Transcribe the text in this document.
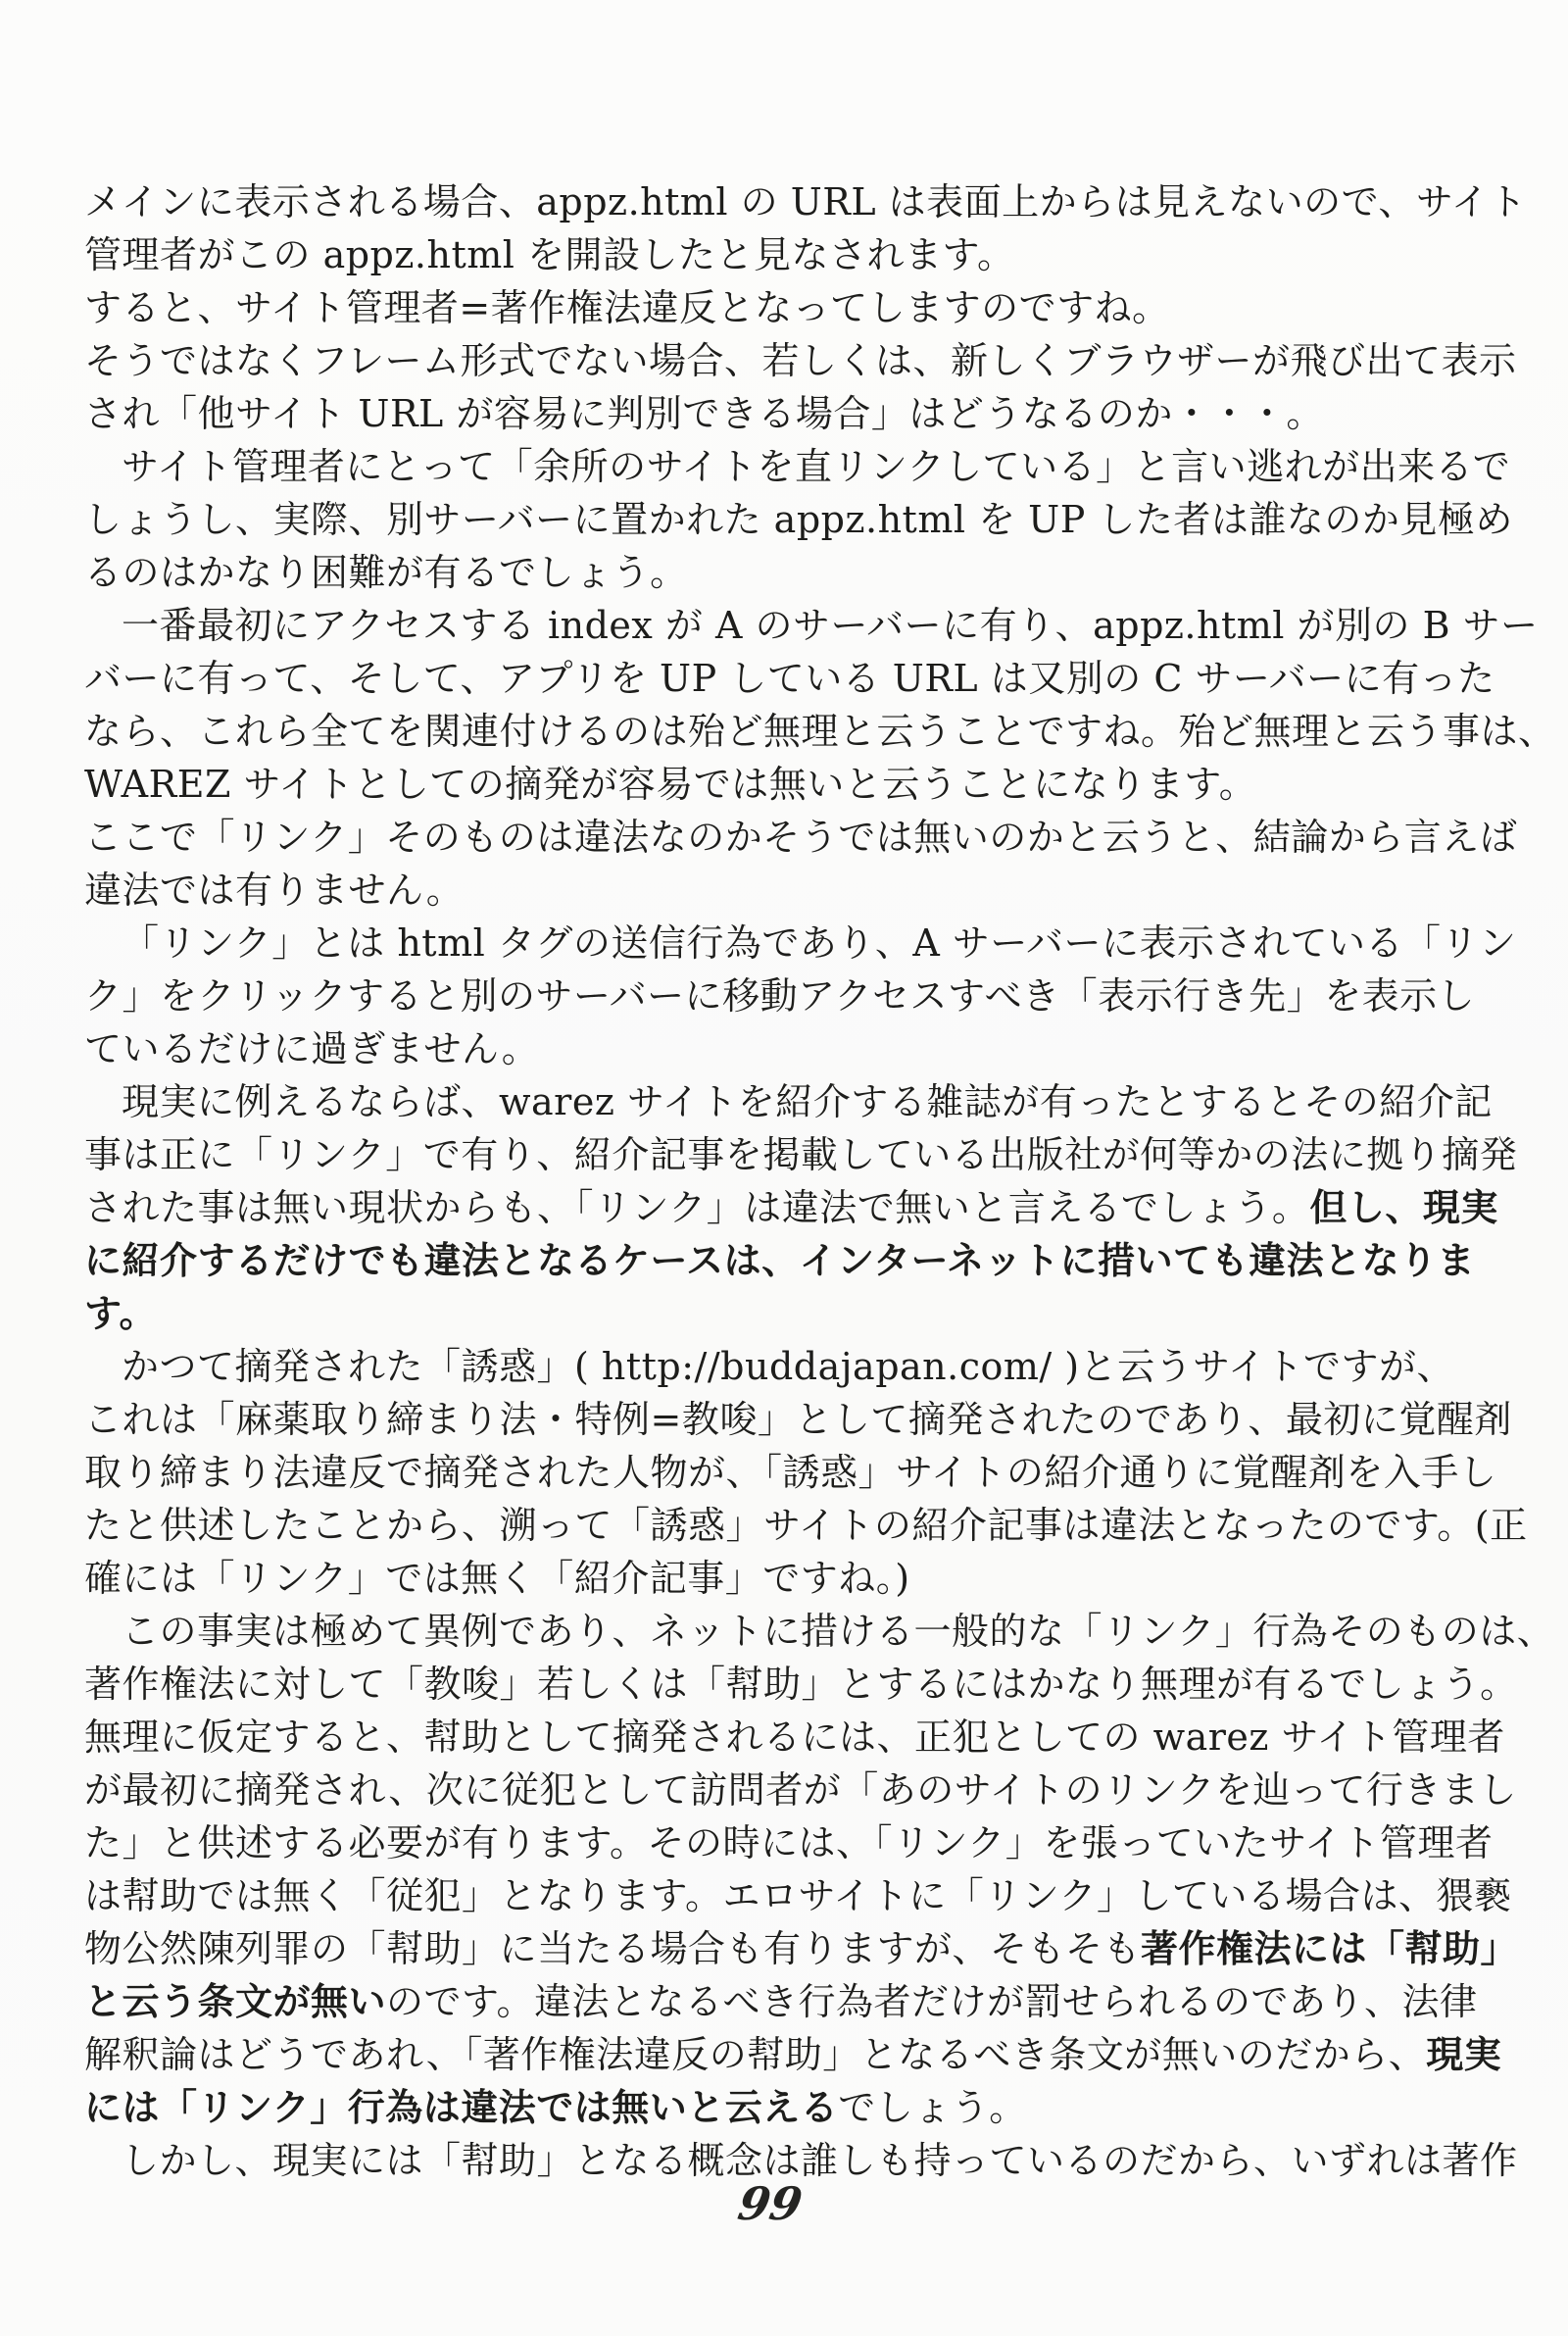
メインに表示される場合、appz.html の URL は表面上からは見えないので、サイト
管理者がこの appz.html を開設したと見なされます。
すると、サイト管理者=著作権法違反となってしますのですね。
そうではなくフレーム形式でない場合、若しくは、新しくブラウザーが飛び出て表示
され「他サイト URL が容易に判別できる場合」はどうなるのか・・・。
サイト管理者にとって「余所のサイトを直リンクしている」と言い逃れが出来るで
しょうし、実際、別サーバーに置かれた appz.html を UP した者は誰なのか見極め
るのはかなり困難が有るでしょう。
一番最初にアクセスする index が A のサーバーに有り、appz.html が別の B サー
バーに有って、そして、アプリを UP している URL は又別の C サーバーに有った
なら、これら全てを関連付けるのは殆ど無理と云うことですね。殆ど無理と云う事は、
WAREZ サイトとしての摘発が容易では無いと云うことになります。
ここで「リンク」そのものは違法なのかそうでは無いのかと云うと、結論から言えば
違法では有りません。
「リンク」とは html タグの送信行為であり、A サーバーに表示されている「リン
ク」をクリックすると別のサーバーに移動アクセスすべき「表示行き先」を表示し
ているだけに過ぎません。
現実に例えるならば、warez サイトを紹介する雑誌が有ったとするとその紹介記
事は正に「リンク」で有り、紹介記事を掲載している出版社が何等かの法に拠り摘発
された事は無い現状からも、「リンク」は違法で無いと言えるでしょう。但し、現実
に紹介するだけでも違法となるケースは、インターネットに措いても違法となりま
す。
かつて摘発された「誘惑」( http://buddajapan.com/ )と云うサイトですが、
これは「麻薬取り締まり法・特例=教唆」として摘発されたのであり、最初に覚醒剤
取り締まり法違反で摘発された人物が、「誘惑」サイトの紹介通りに覚醒剤を入手し
たと供述したことから、溯って「誘惑」サイトの紹介記事は違法となったのです。(正
確には「リンク」では無く「紹介記事」ですね。)
この事実は極めて異例であり、ネットに措ける一般的な「リンク」行為そのものは、
著作権法に対して「教唆」若しくは「幇助」とするにはかなり無理が有るでしょう。
無理に仮定すると、幇助として摘発されるには、正犯としての warez サイト管理者
が最初に摘発され、次に従犯として訪問者が「あのサイトのリンクを辿って行きまし
た」と供述する必要が有ります。その時には、「リンク」を張っていたサイト管理者
は幇助では無く「従犯」となります。エロサイトに「リンク」している場合は、猥褻
物公然陳列罪の「幇助」に当たる場合も有りますが、そもそも著作権法には「幇助」
と云う条文が無いのです。違法となるべき行為者だけが罰せられるのであり、法律
解釈論はどうであれ、「著作権法違反の幇助」となるべき条文が無いのだから、現実
には「リンク」行為は違法では無いと云えるでしょう。
しかし、現実には「幇助」となる概念は誰しも持っているのだから、いずれは著作
99
